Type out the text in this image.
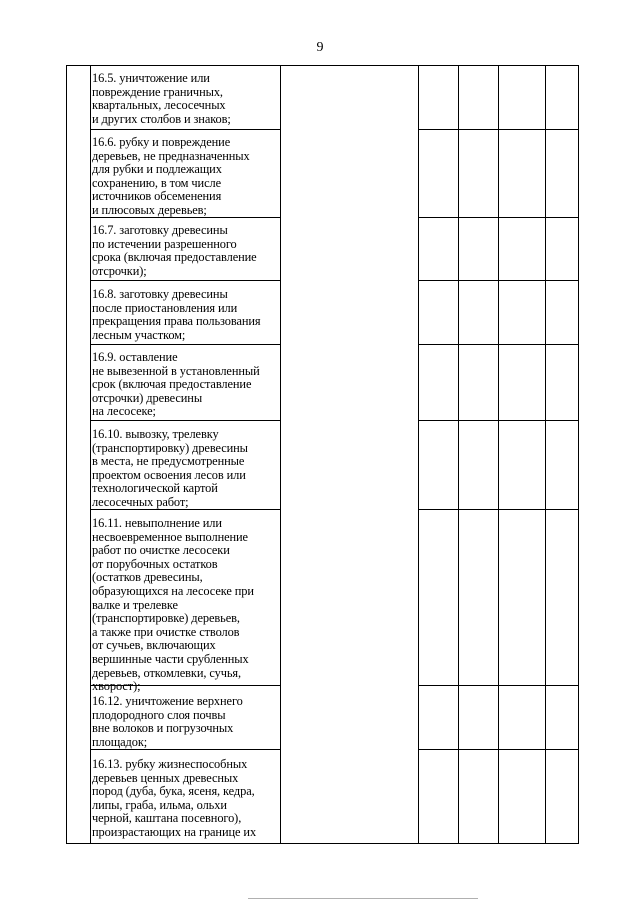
9
16.5. уничтожение или
повреждение граничных,
квартальных, лесосечных
и других столбов и знаков;
16.6. рубку и повреждение
деревьев, не предназначенных
для рубки и подлежащих
сохранению, в том числе
источников обсеменения
и плюсовых деревьев;
16.7. заготовку древесины
по истечении разрешенного
срока (включая предоставление
отсрочки);
16.8. заготовку древесины
после приостановления или
прекращения права пользования
лесным участком;
16.9. оставление
не вывезенной в установленный
срок (включая предоставление
отсрочки) древесины
на лесосеке;
16.10. вывозку, трелевку
(транспортировку) древесины
в места, не предусмотренные
проектом освоения лесов или
технологической картой
лесосечных работ;
16.11. невыполнение или
несвоевременное выполнение
работ по очистке лесосеки
от порубочных остатков
(остатков древесины,
образующихся на лесосеке при
валке и трелевке
(транспортировке) деревьев,
а также при очистке стволов
от сучьев, включающих
вершинные части срубленных
деревьев, откомлевки, сучья,
хворост);
16.12. уничтожение верхнего
плодородного слоя почвы
вне волоков и погрузочных
площадок;
16.13. рубку жизнеспособных
деревьев ценных древесных
пород (дуба, бука, ясеня, кедра,
липы, граба, ильма, ольхи
черной, каштана посевного),
произрастающих на границе их
